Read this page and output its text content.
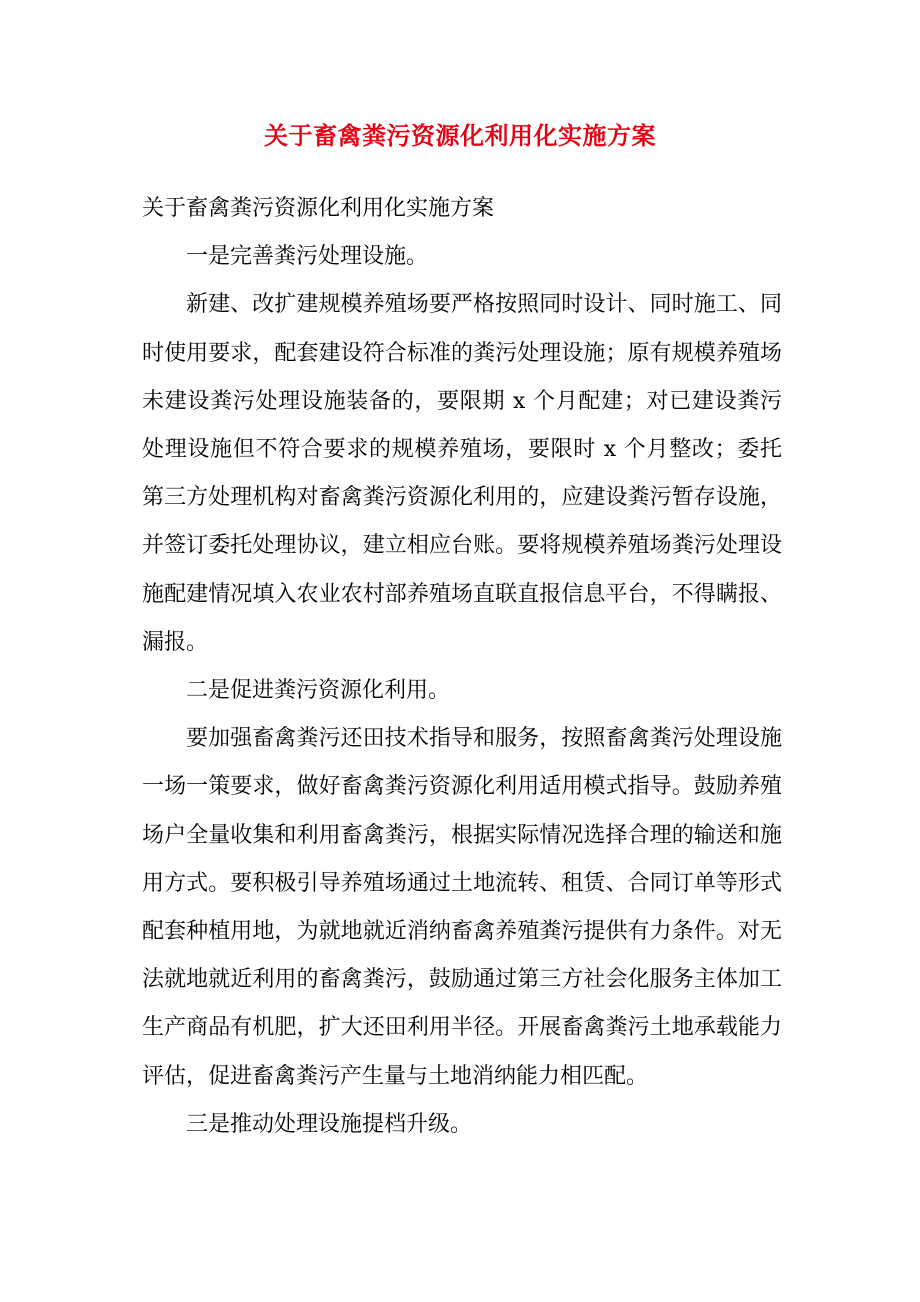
关于畜禽粪污资源化利用化实施方案

关于畜禽粪污资源化利用化实施方案

一是完善粪污处理设施。

新建、改扩建规模养殖场要严格按照同时设计、同时施工、同时使用要求，配套建设符合标准的粪污处理设施；原有规模养殖场未建设粪污处理设施装备的，要限期 x 个月配建；对已建设粪污处理设施但不符合要求的规模养殖场，要限时 x 个月整改；委托第三方处理机构对畜禽粪污资源化利用的，应建设粪污暂存设施，并签订委托处理协议，建立相应台账。要将规模养殖场粪污处理设施配建情况填入农业农村部养殖场直联直报信息平台，不得瞒报、漏报。

二是促进粪污资源化利用。

要加强畜禽粪污还田技术指导和服务，按照畜禽粪污处理设施一场一策要求，做好畜禽粪污资源化利用适用模式指导。鼓励养殖场户全量收集和利用畜禽粪污，根据实际情况选择合理的输送和施用方式。要积极引导养殖场通过土地流转、租赁、合同订单等形式配套种植用地，为就地就近消纳畜禽养殖粪污提供有力条件。对无法就地就近利用的畜禽粪污，鼓励通过第三方社会化服务主体加工生产商品有机肥，扩大还田利用半径。开展畜禽粪污土地承载能力评估，促进畜禽粪污产生量与土地消纳能力相匹配。

三是推动处理设施提档升级。
